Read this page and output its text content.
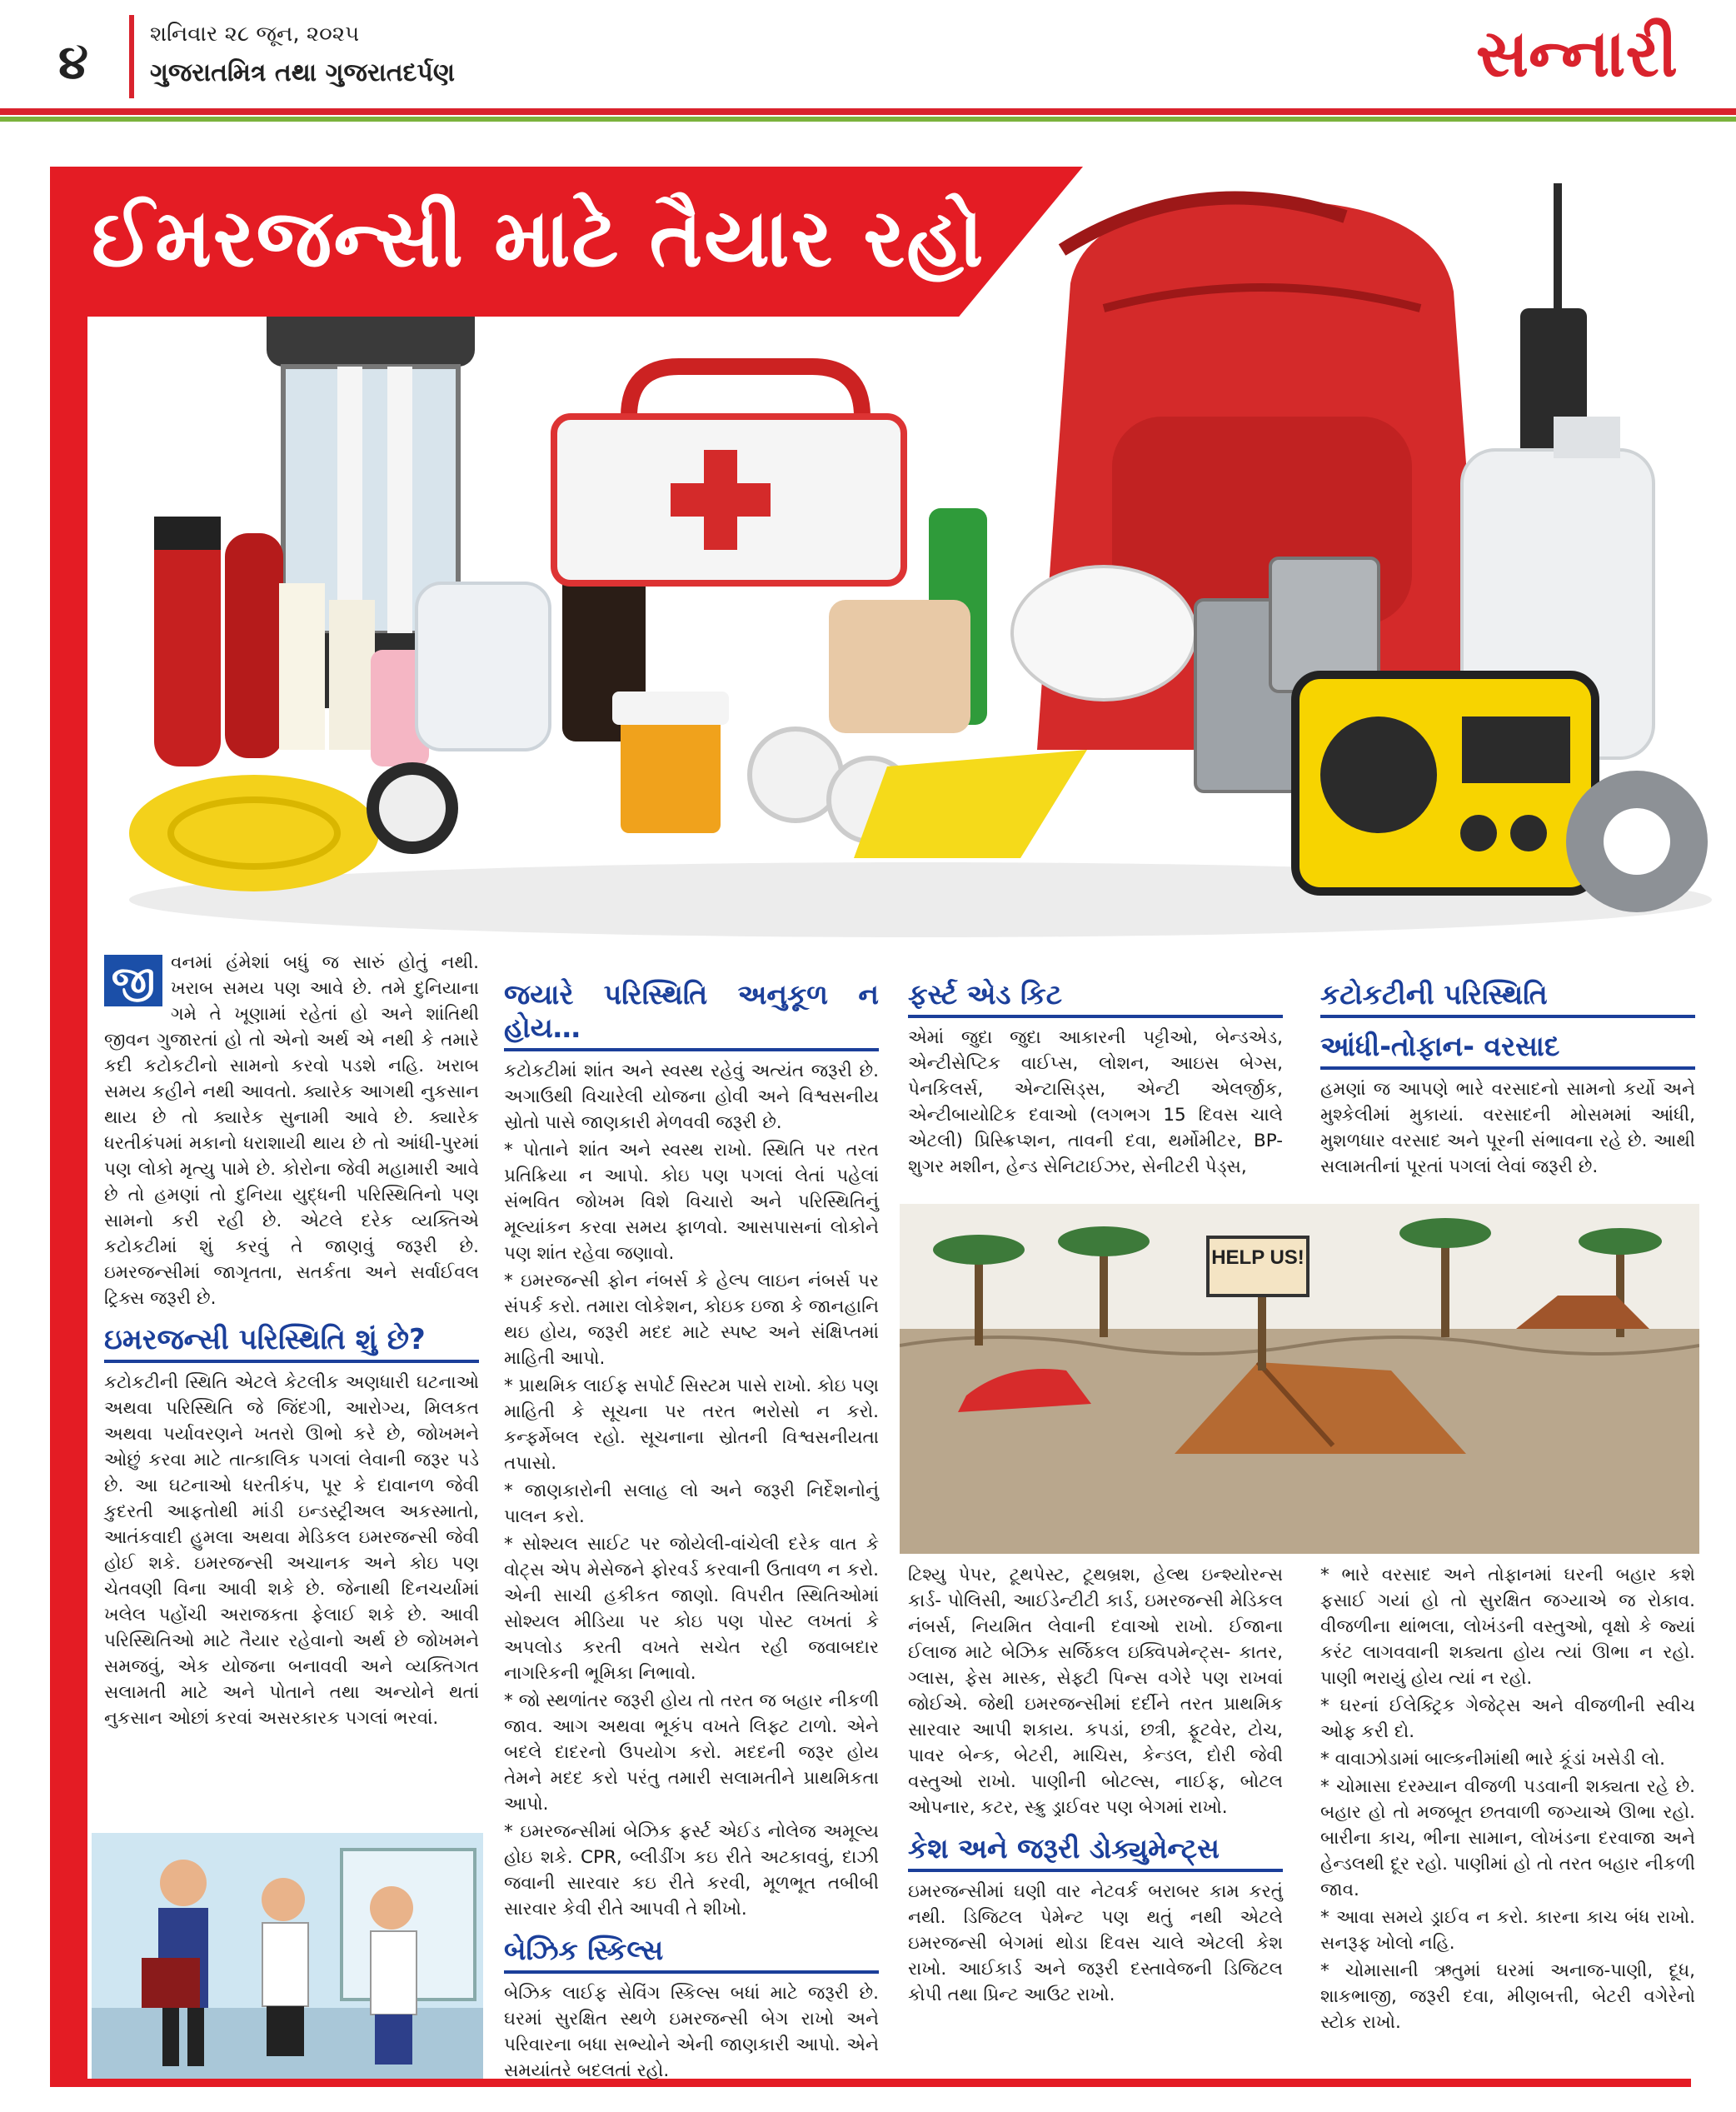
૪	શનિવાર ૨૮ જૂન, ૨૦૨૫
ગુજરાતમિત્ર તથા ગુજરાતદર્પણ	સન્નારી
ઈમરજન્સી માટે તૈયાર રહો
જી વનમાં હંમેશાં બધું જ સારું હોતું નથી. ખરાબ સમય પણ આવે છે. તમે દુનિયાના ગમે તે ખૂણામાં રહેતાં હો અને શાંતિથી જીવન ગુજારતાં હો તો એનો અર્થ એ નથી કે તમારે કદી કટોકટીનો સામનો કરવો પડશે નહિ. ખરાબ સમય કહીને નથી આવતો. ક્યારેક આગથી નુકસાન થાય છે તો ક્યારેક સુનામી આવે છે. ક્યારેક ધરતીકંપમાં મકાનો ધરાશાયી થાય છે તો આંધી-પુરમાં પણ લોકો મૃત્યુ પામે છે. કોરોના જેવી મહામારી આવે છે તો હમણાં તો દુનિયા યુદ્ધની પરિસ્થિતિનો પણ સામનો કરી રહી છે. એટલે દરેક વ્યક્તિએ કટોકટીમાં શું કરવું તે જાણવું જરૂરી છે. ઇમરજન્સીમાં જાગૃતતા, સતર્કતા અને સર્વાઈવલ ટ્રિક્સ જરૂરી છે.

ઇમરજન્સી પરિસ્થિતિ શું છે?

કટોકટીની સ્થિતિ એટલે કેટલીક અણધારી ઘટનાઓ અથવા પરિસ્થિતિ જે જિંદગી, આરોગ્ય, મિલકત અથવા પર્યાવરણને ખતરો ઊભો કરે છે, જોખમને ઓછું કરવા માટે તાત્કાલિક પગલાં લેવાની જરૂર પડે છે. આ ઘટનાઓ ધરતીકંપ, પૂર કે દાવાનળ જેવી કુદરતી આફતોથી માંડી ઇન્ડસ્ટ્રીઅલ અકસ્માતો, આતંકવાદી હુમલા અથવા મેડિકલ ઇમરજન્સી જેવી હોઈ શકે. ઇમરજન્સી અચાનક અને કોઇ પણ ચેતવણી વિના આવી શકે છે. જેનાથી દિનચર્યામાં ખલેલ પહોંચી અરાજકતા ફેલાઈ શકે છે. આવી પરિસ્થિતિઓ માટે તૈયાર રહેવાનો અર્થ છે જોખમને સમજવું, એક યોજના બનાવવી અને વ્યક્તિગત સલામતી માટે અને પોતાને તથા અન્યોને થતાં નુકસાન ઓછાં કરવાં અસરકારક પગલાં ભરવાં.

જયારે પરિસ્થિતિ અનુકૂળ ન હોય…

કટોકટીમાં શાંત અને સ્વસ્થ રહેવું અત્યંત જરૂરી છે. અગાઉથી વિચારેલી યોજના હોવી અને વિશ્વસનીય સ્રોતો પાસે જાણકારી મેળવવી જરૂરી છે.

* પોતાને શાંત અને સ્વસ્થ રાખો. સ્થિતિ પર તરત પ્રતિક્રિયા ન આપો. કોઇ પણ પગલાં લેતાં પહેલાં સંભવિત જોખમ વિશે વિચારો અને પરિસ્થિતિનું મૂલ્યાંકન કરવા સમય ફાળવો. આસપાસનાં લોકોને પણ શાંત રહેવા જણાવો.

* ઇમરજન્સી ફોન નંબર્સ કે હેલ્પ લાઇન નંબર્સ પર સંપર્ક કરો. તમારા લોકેશન, કોઇક ઇજા કે જાનહાનિ થઇ હોય, જરૂરી મદદ માટે સ્પષ્ટ અને સંક્ષિપ્તમાં માહિતી આપો.

* પ્રાથમિક લાઈફ સપોર્ટ સિસ્ટમ પાસે રાખો. કોઇ પણ માહિતી કે સૂચના પર તરત ભરોસો ન કરો. કન્ફર્મેબલ રહો. સૂચનાના સ્રોતની વિશ્વસનીયતા તપાસો.

* જાણકારોની સલાહ લો અને જરૂરી નિર્દેશનોનું પાલન કરો.

* સોશ્યલ સાઈટ પર જોયેલી-વાંચેલી દરેક વાત કે વોટ્સ એપ મેસેજને ફોરવર્ડ કરવાની ઉતાવળ ન કરો. એની સાચી હકીકત જાણો. વિપરીત સ્થિતિઓમાં સોશ્યલ મીડિયા પર કોઇ પણ પોસ્ટ લખતાં કે અપલોડ કરતી વખતે સચેત રહી જવાબદાર નાગરિકની ભૂમિકા નિભાવો.

* જો સ્થળાંતર જરૂરી હોય તો તરત જ બહાર નીકળી જાવ. આગ અથવા ભૂકંપ વખતે લિફ્ટ ટાળો. એને બદલે દાદરનો ઉપયોગ કરો. મદદની જરૂર હોય તેમને મદદ કરો પરંતુ તમારી સલામતીને પ્રાથમિકતા આપો.

* ઇમરજન્સીમાં બેઝિક ફર્સ્ટ એઈડ નોલેજ અમૂલ્ય હોઇ શકે. CPR, બ્લીડીંગ કઇ રીતે અટકાવવું, દાઝી જવાની સારવાર કઇ રીતે કરવી, મૂળભૂત તબીબી સારવાર કેવી રીતે આપવી તે શીખો.

બેઝિક સ્કિલ્સ

બેઝિક લાઈફ સેવિંગ સ્કિલ્સ બધાં માટે જરૂરી છે. ઘરમાં સુરક્ષિત સ્થળે ઇમરજન્સી બેગ રાખો અને પરિવારના બધા સભ્યોને એની જાણકારી આપો. એને સમયાંતરે બદલતાં રહો.

ફર્સ્ટ એડ કિટ

એમાં જુદા જુદા આકારની પટ્ટીઓ, બેન્ડએડ, એન્ટીસેપ્ટિક વાઈપ્સ, લોશન, આઇસ બેગ્સ, પેનકિલર્સ, એન્ટાસિડ્સ, એન્ટી એલર્જીક, એન્ટીબાયોટિક દવાઓ (લગભગ 15 દિવસ ચાલે એટલી) પ્રિસ્ક્રિપ્શન, તાવની દવા, થર્મોમીટર, BP-શુગર મશીન, હેન્ડ સેનિટાઈઝર, સેનીટરી પેડ્સ,

કટોકટીની પરિસ્થિતિ
આંધી-તોફાન- વરસાદ

હમણાં જ આપણે ભારે વરસાદનો સામનો કર્યો અને મુશ્કેલીમાં મુકાયાં. વરસાદની મોસમમાં આંધી, મુશળધાર વરસાદ અને પૂરની સંભાવના રહે છે. આથી સલામતીનાં પૂરતાં પગલાં લેવાં જરૂરી છે.

HELP US!

ટિશ્યુ પેપર, ટૂથપેસ્ટ, ટૂથબ્રશ, હેલ્થ ઇન્શ્યોરન્સ કાર્ડ- પોલિસી, આઈડેન્ટીટી કાર્ડ, ઇમરજન્સી મેડિકલ નંબર્સ, નિયમિત લેવાની દવાઓ રાખો. ઈજાના ઈલાજ માટે બેઝિક સર્જિકલ ઇક્વિપમેન્ટ્સ- કાતર, ગ્લાસ, ફેસ માસ્ક, સેફ્ટી પિન્સ વગેરે પણ રાખવાં જોઈએ. જેથી ઇમરજન્સીમાં દર્દીને તરત પ્રાથમિક સારવાર આપી શકાય. કપડાં, છત્રી, ફૂટવેર, ટોચ, પાવર બેન્ક, બેટરી, માચિસ, કેન્ડલ, દોરી જેવી વસ્તુઓ રાખો. પાણીની બોટલ્સ, નાઈફ, બોટલ ઓપનાર, કટર, સ્ક્રુ ડ્રાઈવર પણ બેગમાં રાખો.

કેશ અને જરૂરી ડોક્યુમેન્ટ્સ

ઇમરજન્સીમાં ઘણી વાર નેટવર્ક બરાબર કામ કરતું નથી. ડિજિટલ પેમેન્ટ પણ થતું નથી એટલે ઇમરજન્સી બેગમાં થોડા દિવસ ચાલે એટલી કેશ રાખો. આઈકાર્ડ અને જરૂરી દસ્તાવેજની ડિજિટલ કોપી તથા પ્રિન્ટ આઉટ રાખો.

* ભારે વરસાદ અને તોફાનમાં ઘરની બહાર કશે ફસાઈ ગયાં હો તો સુરક્ષિત જગ્યાએ જ રોકાવ. વીજળીના થાંભલા, લોખંડની વસ્તુઓ, વૃક્ષો કે જ્યાં કરંટ લાગવવાની શક્યતા હોય ત્યાં ઊભા ન રહો. પાણી ભરાયું હોય ત્યાં ન રહો.

* ઘરનાં ઈલેક્ટ્રિક ગેજેટ્સ અને વીજળીની સ્વીચ ઓફ કરી દો.

* વાવાઝોડામાં બાલ્કનીમાંથી ભારે કૂંડાં ખસેડી લો.

* ચોમાસા દરમ્યાન વીજળી પડવાની શક્યતા રહે છે. બહાર હો તો મજબૂત છતવાળી જગ્યાએ ઊભા રહો. બારીના કાચ, ભીના સામાન, લોખંડના દરવાજા અને હેન્ડલથી દૂર રહો. પાણીમાં હો તો તરત બહાર નીકળી જાવ.

* આવા સમયે ડ્રાઈવ ન કરો. કારના કાચ બંધ રાખો. સનરૂફ ખોલો નહિ.

* ચોમાસાની ઋતુમાં ઘરમાં અનાજ-પાણી, દૂધ, શાકભાજી, જરૂરી દવા, મીણબત્તી, બેટરી વગેરેનો સ્ટોક રાખો.
